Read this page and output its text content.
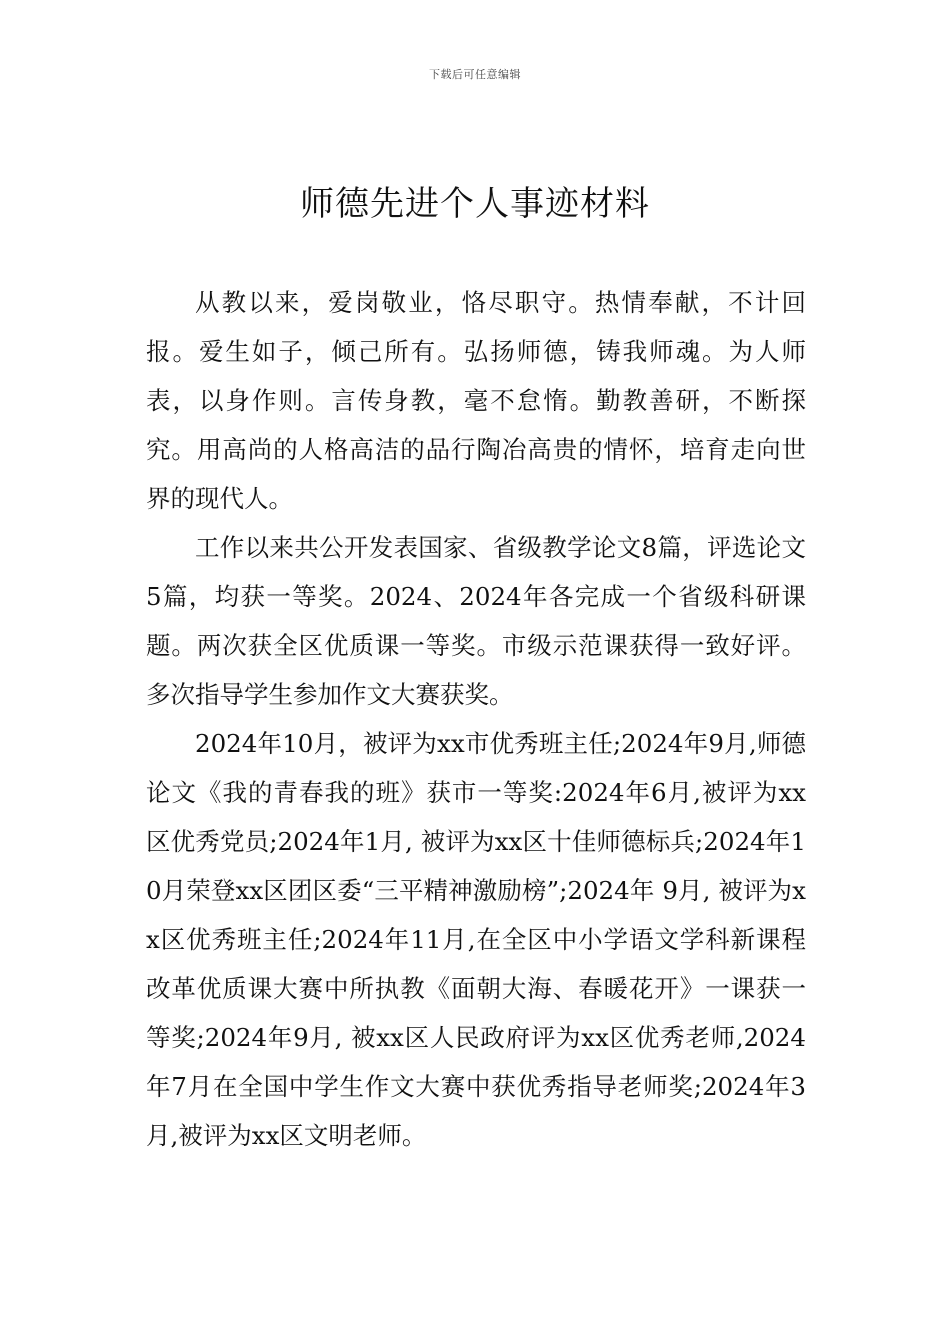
下载后可任意编辑
师德先进个人事迹材料

从教以来，爱岗敬业，恪尽职守。热情奉献，不计回报。爱生如子，倾己所有。弘扬师德，铸我师魂。为人师表，以身作则。言传身教，毫不怠惰。勤教善研，不断探究。用高尚的人格高洁的品行陶冶高贵的情怀，培育走向世界的现代人。

工作以来共公开发表国家、省级教学论文8篇，评选论文5篇，均获一等奖。2024、2024年各完成一个省级科研课题。两次获全区优质课一等奖。市级示范课获得一致好评。多次指导学生参加作文大赛获奖。

2024年10月，被评为xx市优秀班主任;2024年9月,师德论文《我的青春我的班》获市一等奖:2024年6月,被评为xx区优秀党员;2024年1月, 被评为xx区十佳师德标兵;2024年10月荣登xx区团区委“三平精神激励榜”;2024年 9月, 被评为xx区优秀班主任;2024年11月,在全区中小学语文学科新课程改革优质课大赛中所执教《面朝大海、春暖花开》一课获一等奖;2024年9月, 被xx区人民政府评为xx区优秀老师,2024年7月在全国中学生作文大赛中获优秀指导老师奖;2024年3月,被评为xx区文明老师。
